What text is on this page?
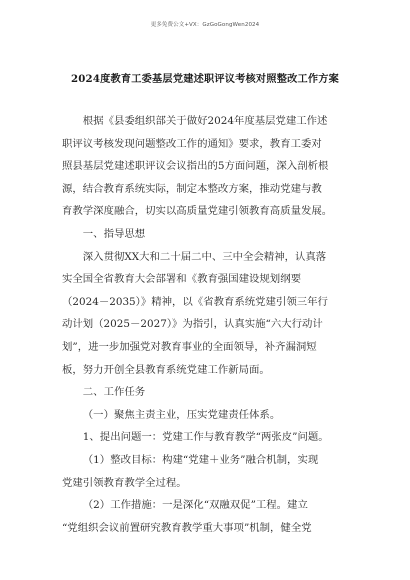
更多免费公文+VX：GzGoGongWen2024
2024度教育工委基层党建述职评议考核对照整改工作方案
根据《县委组织部关于做好2024年度基层党建工作述
职评议考核发现问题整改工作的通知》要求，教育工委对
照县基层党建述职评议会议指出的5方面问题，深入剖析根
源，结合教育系统实际，制定本整改方案，推动党建与教
育教学深度融合，切实以高质量党建引领教育高质量发展。
一、指导思想
深入贯彻XX大和二十届二中、三中全会精神，认真落
实全国全省教育大会部署和《教育强国建设规划纲要
（2024－2035）》精神，以《省教育系统党建引领三年行
动计划（2025－2027）》为指引，认真实施“六大行动计
划”，进一步加强党对教育事业的全面领导，补齐漏洞短
板，努力开创全县教育系统党建工作新局面。
二、工作任务
（一）聚焦主责主业，压实党建责任体系。
1、提出问题一：党建工作与教育教学“两张皮”问题。
（1）整改目标：构建“党建＋业务”融合机制，实现
党建引领教育教学全过程。
（2）工作措施：一是深化“双融双促”工程。建立
“党组织会议前置研究教育教学重大事项”机制，健全党
